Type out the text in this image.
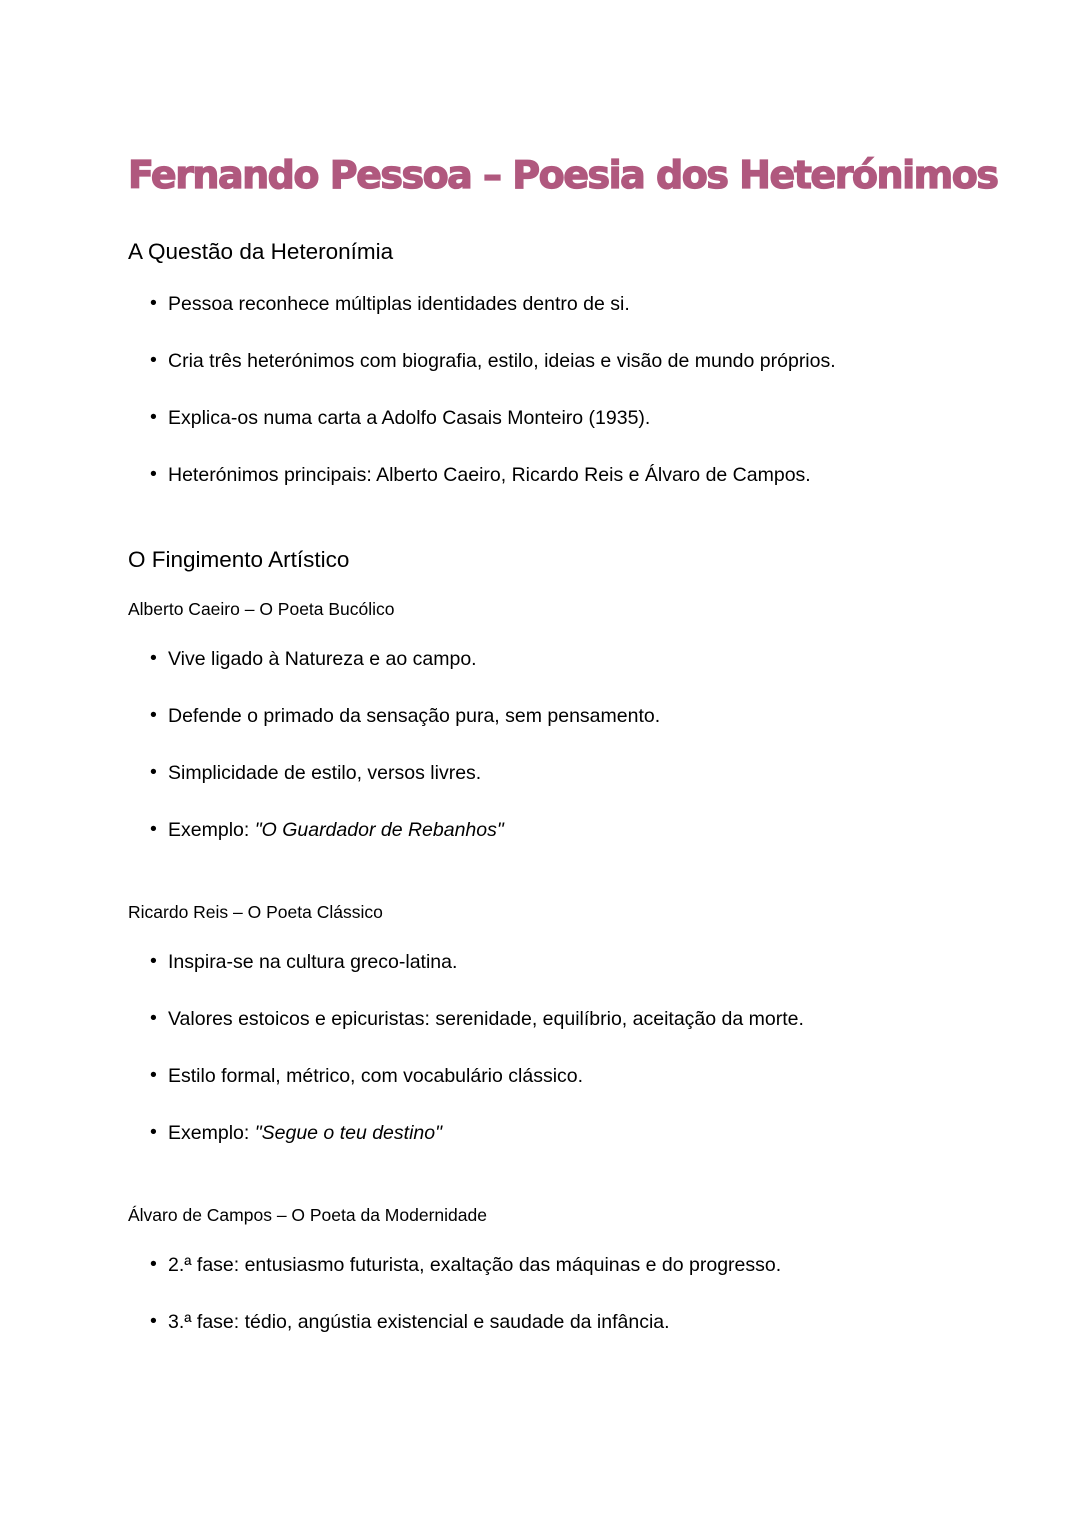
Fernando Pessoa – Poesia dos Heterónimos
A Questão da Heteronímia
• Pessoa reconhece múltiplas identidades dentro de si.
• Cria três heterónimos com biografia, estilo, ideias e visão de mundo próprios.
• Explica-os numa carta a Adolfo Casais Monteiro (1935).
• Heterónimos principais: Alberto Caeiro, Ricardo Reis e Álvaro de Campos.
O Fingimento Artístico
Alberto Caeiro – O Poeta Bucólico
• Vive ligado à Natureza e ao campo.
• Defende o primado da sensação pura, sem pensamento.
• Simplicidade de estilo, versos livres.
• Exemplo: "O Guardador de Rebanhos"
Ricardo Reis – O Poeta Clássico
• Inspira-se na cultura greco-latina.
• Valores estoicos e epicuristas: serenidade, equilíbrio, aceitação da morte.
• Estilo formal, métrico, com vocabulário clássico.
• Exemplo: "Segue o teu destino"
Álvaro de Campos – O Poeta da Modernidade
• 2.ª fase: entusiasmo futurista, exaltação das máquinas e do progresso.
• 3.ª fase: tédio, angústia existencial e saudade da infância.
